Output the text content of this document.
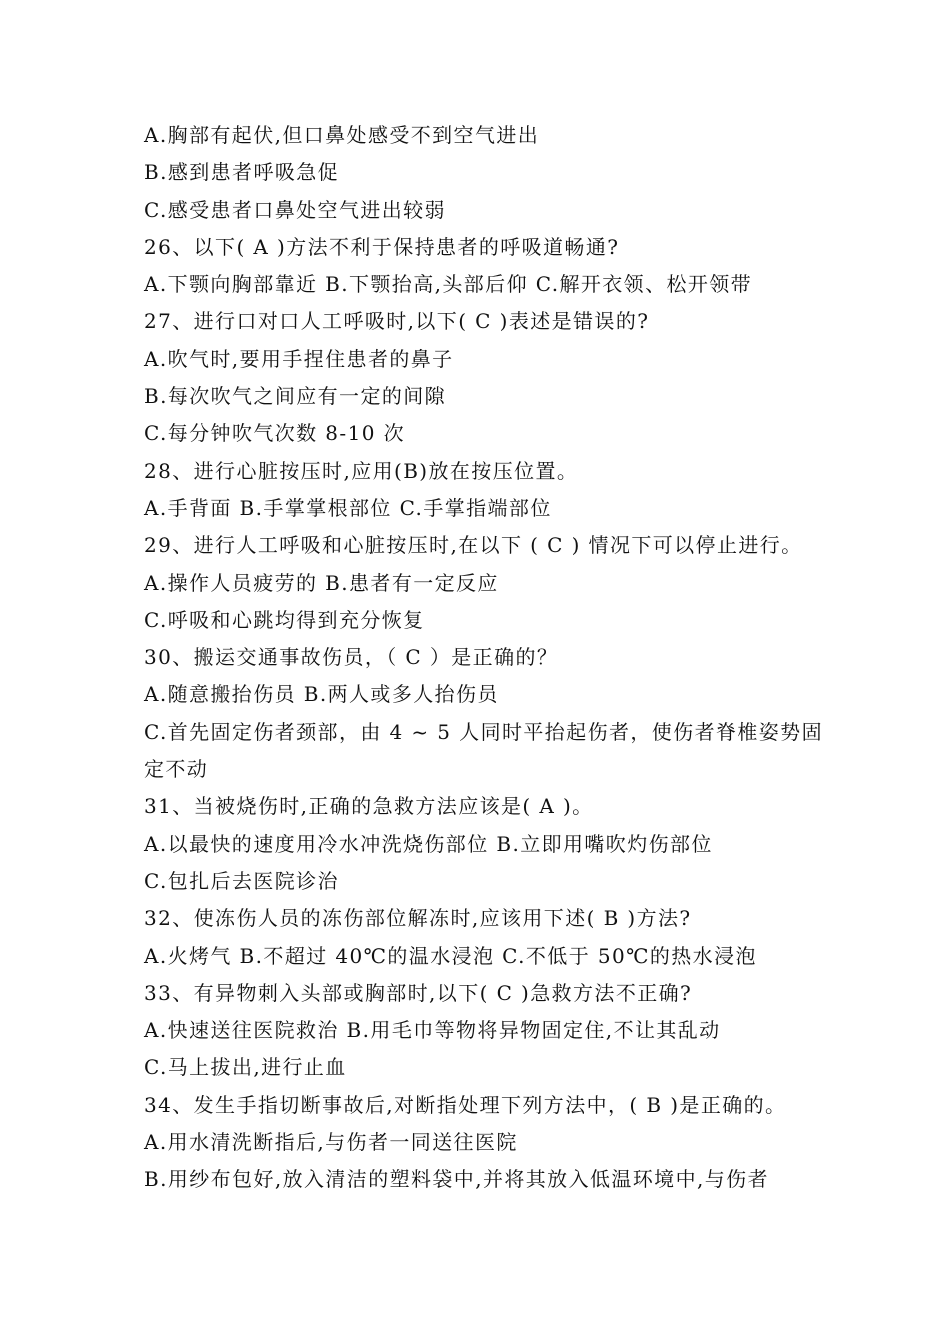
A.胸部有起伏,但口鼻处感受不到空气进出
B.感到患者呼吸急促
C.感受患者口鼻处空气进出较弱
26、以下( A )方法不利于保持患者的呼吸道畅通?
A.下颚向胸部靠近 B.下颚抬高,头部后仰 C.解开衣领、松开领带
27、进行口对口人工呼吸时,以下( C )表述是错误的?
A.吹气时,要用手捏住患者的鼻子
B.每次吹气之间应有一定的间隙
C.每分钟吹气次数 8-10 次
28、进行心脏按压时,应用(B)放在按压位置。
A.手背面 B.手掌掌根部位 C.手掌指端部位
29、进行人工呼吸和心脏按压时,在以下 ( C ) 情况下可以停止进行。
A.操作人员疲劳的 B.患者有一定反应
C.呼吸和心跳均得到充分恢复
30、搬运交通事故伤员，（ C ）是正确的？
A.随意搬抬伤员 B.两人或多人抬伤员
C.首先固定伤者颈部，由 4 ~ 5 人同时平抬起伤者，使伤者脊椎姿势固
定不动
31、当被烧伤时,正确的急救方法应该是( A )。
A.以最快的速度用冷水冲洗烧伤部位 B.立即用嘴吹灼伤部位
C.包扎后去医院诊治
32、使冻伤人员的冻伤部位解冻时,应该用下述( B )方法?
A.火烤气 B.不超过 40℃的温水浸泡 C.不低于 50℃的热水浸泡
33、有异物刺入头部或胸部时,以下( C )急救方法不正确?
A.快速送往医院救治 B.用毛巾等物将异物固定住,不让其乱动
C.马上拔出,进行止血
34、发生手指切断事故后,对断指处理下列方法中，( B )是正确的。
A.用水清洗断指后,与伤者一同送往医院
B.用纱布包好,放入清洁的塑料袋中,并将其放入低温环境中,与伤者
